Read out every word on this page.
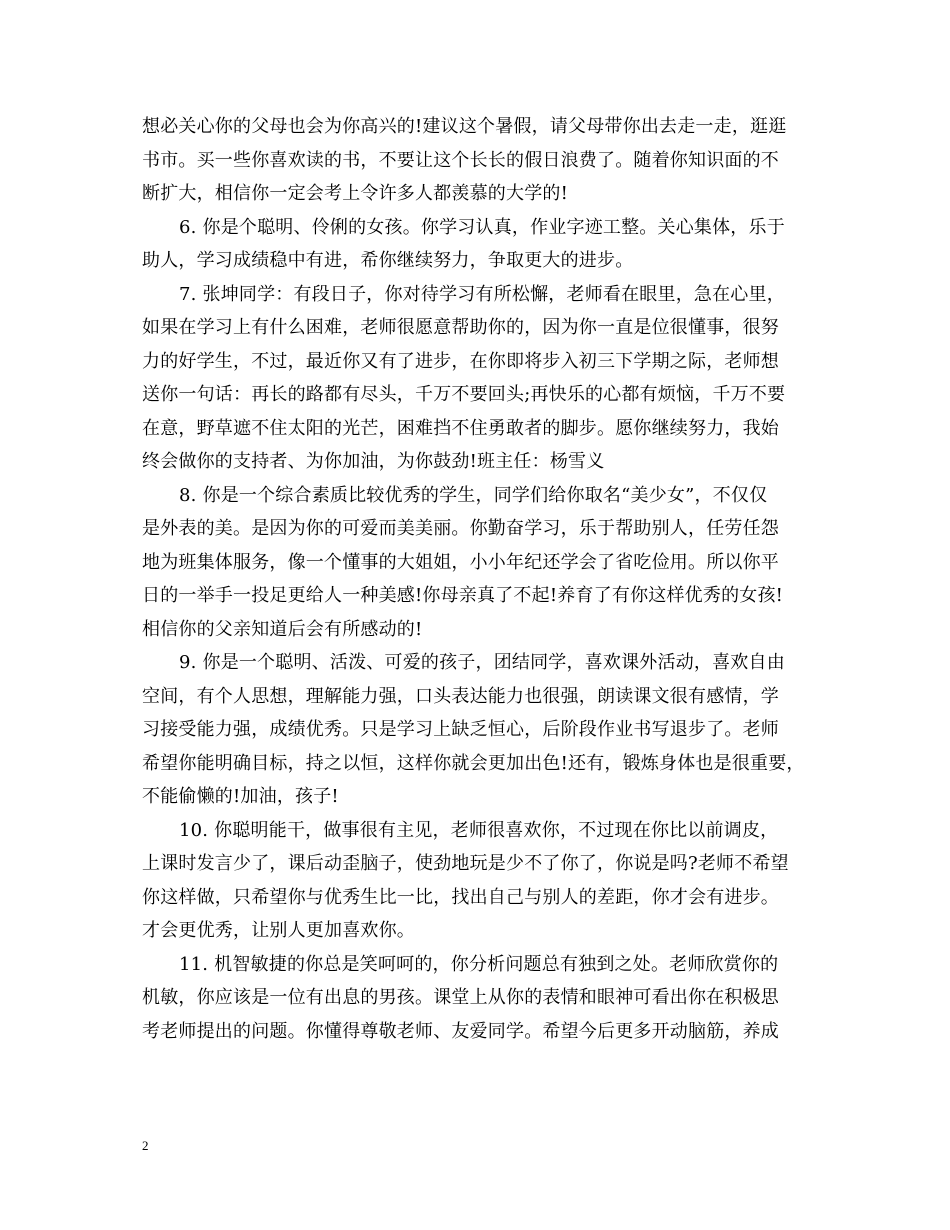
想必关心你的父母也会为你高兴的!建议这个暑假，请父母带你出去走一走，逛逛
书市。买一些你喜欢读的书，不要让这个长长的假日浪费了。随着你知识面的不
断扩大，相信你一定会考上令许多人都羡慕的大学的!
6. 你是个聪明、伶俐的女孩。你学习认真，作业字迹工整。关心集体，乐于
助人，学习成绩稳中有进，希你继续努力，争取更大的进步。
7. 张坤同学：有段日子，你对待学习有所松懈，老师看在眼里，急在心里，
如果在学习上有什么困难，老师很愿意帮助你的，因为你一直是位很懂事，很努
力的好学生，不过，最近你又有了进步，在你即将步入初三下学期之际，老师想
送你一句话：再长的路都有尽头，千万不要回头;再快乐的心都有烦恼，千万不要
在意，野草遮不住太阳的光芒，困难挡不住勇敢者的脚步。愿你继续努力，我始
终会做你的支持者、为你加油，为你鼓劲!班主任：杨雪义
8. 你是一个综合素质比较优秀的学生，同学们给你取名“美少女”，不仅仅
是外表的美。是因为你的可爱而美美丽。你勤奋学习，乐于帮助别人，任劳任怨
地为班集体服务，像一个懂事的大姐姐，小小年纪还学会了省吃俭用。所以你平
日的一举手一投足更给人一种美感!你母亲真了不起!养育了有你这样优秀的女孩!
相信你的父亲知道后会有所感动的!
9. 你是一个聪明、活泼、可爱的孩子，团结同学，喜欢课外活动，喜欢自由
空间，有个人思想，理解能力强，口头表达能力也很强，朗读课文很有感情，学
习接受能力强，成绩优秀。只是学习上缺乏恒心，后阶段作业书写退步了。老师
希望你能明确目标，持之以恒，这样你就会更加出色!还有，锻炼身体也是很重要，
不能偷懒的!加油，孩子!
10. 你聪明能干，做事很有主见，老师很喜欢你，不过现在你比以前调皮，
上课时发言少了，课后动歪脑子，使劲地玩是少不了你了，你说是吗?老师不希望
你这样做，只希望你与优秀生比一比，找出自己与别人的差距，你才会有进步。
才会更优秀，让别人更加喜欢你。
11. 机智敏捷的你总是笑呵呵的，你分析问题总有独到之处。老师欣赏你的
机敏，你应该是一位有出息的男孩。课堂上从你的表情和眼神可看出你在积极思
考老师提出的问题。你懂得尊敬老师、友爱同学。希望今后更多开动脑筋，养成
2
